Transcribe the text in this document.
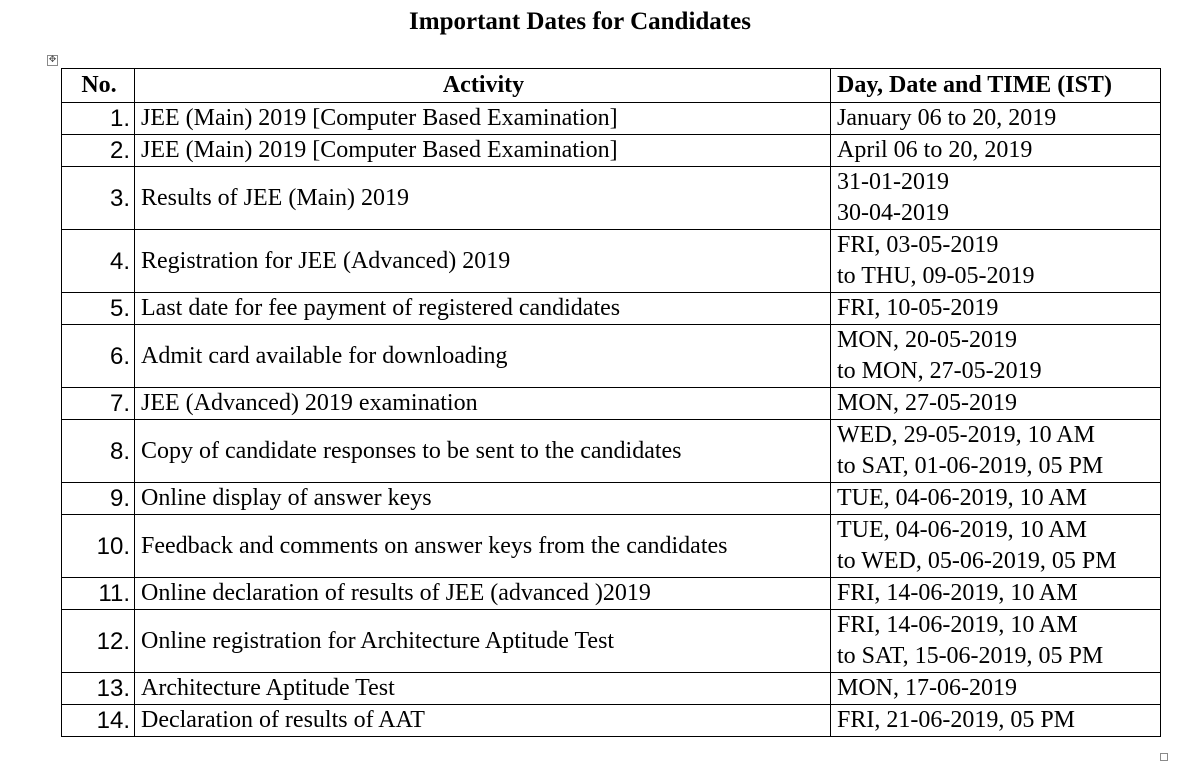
Important Dates for Candidates
✥
No.	Activity	Day, Date and TIME (IST)
1.	JEE (Main) 2019 [Computer Based Examination]	January 06 to 20, 2019

2.	JEE (Main) 2019 [Computer Based Examination]	April 06 to 20, 2019

3.	Results of JEE (Main) 2019	31-01-2019
30-04-2019

4.	Registration for JEE (Advanced) 2019	FRI, 03-05-2019
to THU, 09-05-2019

5.	Last date for fee payment of registered candidates	FRI, 10-05-2019

6.	Admit card available for downloading	MON, 20-05-2019
to MON, 27-05-2019

7.	JEE (Advanced) 2019 examination	MON, 27-05-2019

8.	Copy of candidate responses to be sent to the candidates	WED, 29-05-2019, 10 AM
to SAT, 01-06-2019, 05 PM

9.	Online display of answer keys	TUE, 04-06-2019, 10 AM

10.	Feedback and comments on answer keys from the candidates	TUE, 04-06-2019, 10 AM
to WED, 05-06-2019, 05 PM

11.	Online declaration of results of JEE (advanced )2019	FRI, 14-06-2019, 10 AM

12.	Online registration for Architecture Aptitude Test	FRI, 14-06-2019, 10 AM
to SAT, 15-06-2019, 05 PM

13.	Architecture Aptitude Test	MON, 17-06-2019

14.	Declaration of results of AAT	FRI, 21-06-2019, 05 PM
